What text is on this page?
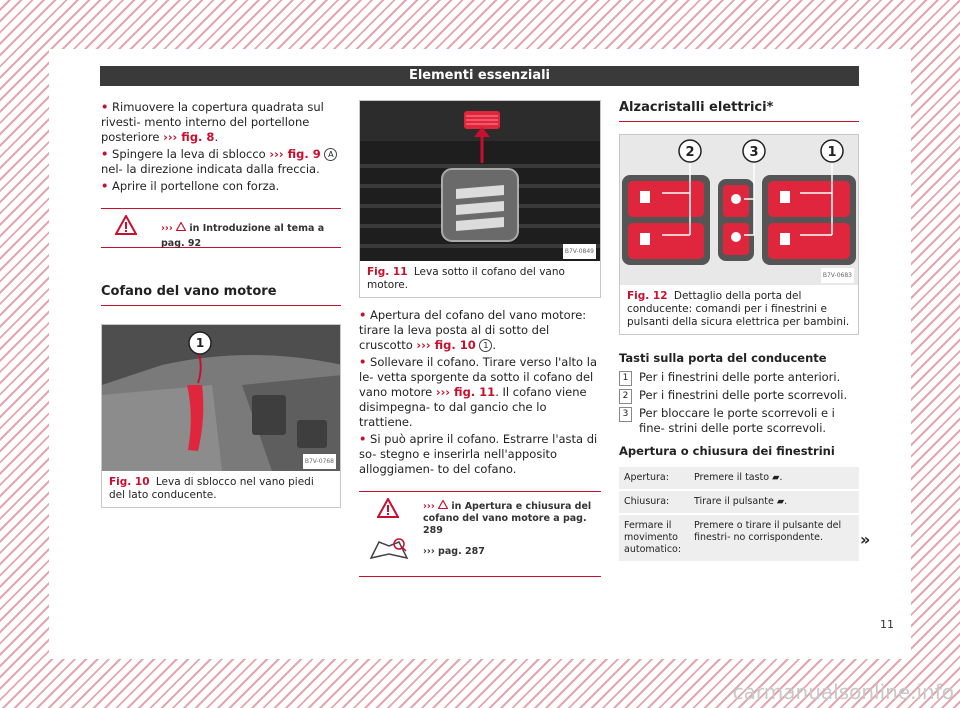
Elementi essenziali
• Rimuovere la copertura quadrata sul rivesti- mento interno del portellone posteriore ››› fig. 8.
• Spingere la leva di sblocco ››› fig. 9 A nel- la direzione indicata dalla freccia.
• Aprire il portellone con forza.
››› in Introduzione al tema a pag. 92
Cofano del vano motore
1
B7V-0768
Fig. 10 Leva di sblocco nel vano piedi del lato conducente.
B7V-0849
Fig. 11 Leva sotto il cofano del vano motore.
• Apertura del cofano del vano motore: tirare la leva posta al di sotto del cruscotto ››› fig. 10 1 .
• Sollevare il cofano. Tirare verso l'alto la le- vetta sporgente da sotto il cofano del vano motore ››› fig. 11. Il cofano viene disimpegna- to dal gancio che lo trattiene.
• Si può aprire il cofano. Estrarre l'asta di so- stegno e inserirla nell'apposito alloggiamen- to del cofano.
››› in Apertura e chiusura del cofano del vano motore a pag. 289
››› pag. 287
Alzacristalli elettrici*
2	3	1
B7V-0683
Fig. 12 Dettaglio della porta del conducente: comandi per i finestrini e pulsanti della sicura elettrica per bambini.
Tasti sulla porta del conducente
1 Per i finestrini delle porte anteriori.
2 Per i finestrini delle porte scorrevoli.
3 Per bloccare le porte scorrevoli e i fine- strini delle porte scorrevoli.
Apertura o chiusura dei finestrini
Apertura:	Premere il tasto ▰.
Chiusura:	Tirare il pulsante ▰.
Fermare il movimento automatico:	Premere o tirare il pulsante del finestri- no corrispondente. »
11
carmanualsonline.info
